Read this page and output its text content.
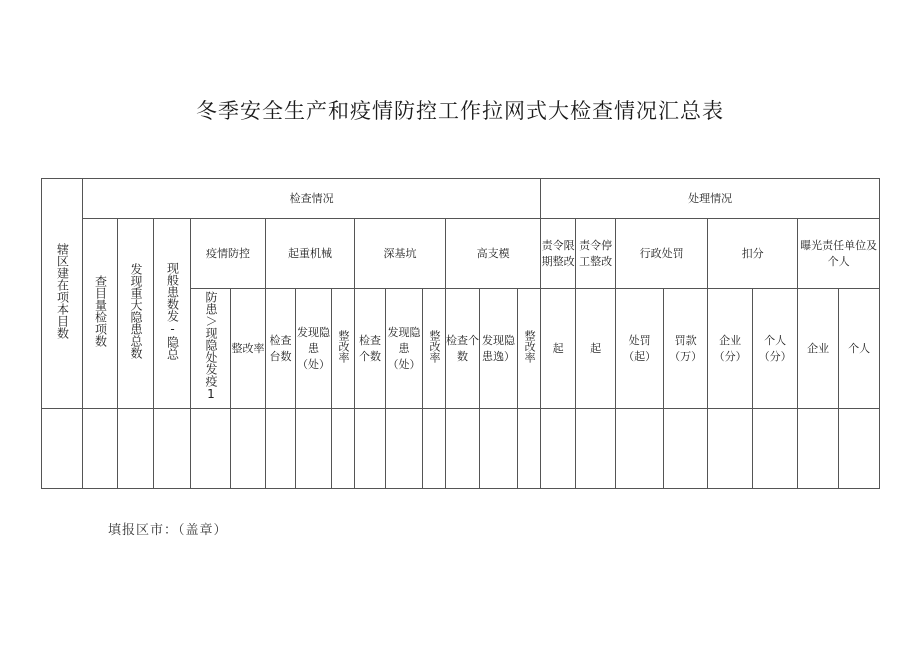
冬季安全生产和疫情防控工作拉网式大检查情况汇总表
辖区建在项本目数	检查情况														处理情况							
	查目量检项数	发现重大隐患总数	现般患数发-隐总	疫情防控		起重机械			深基坑			高支模			责令限期整改	责令停工整改	行政处罚		扣分		曝光责任单位及个人	
				防患＞现隐处发疫1	整改率	检查台数	发现隐患（处）	整改率	检查个数	发现隐患（处）	整改率	检查个数	发现隐患逸）	整改率	起	起	处罚（起）	罚款（万）	企业（分）	个人（分）	企业	个人

填报区市：（盖章）
